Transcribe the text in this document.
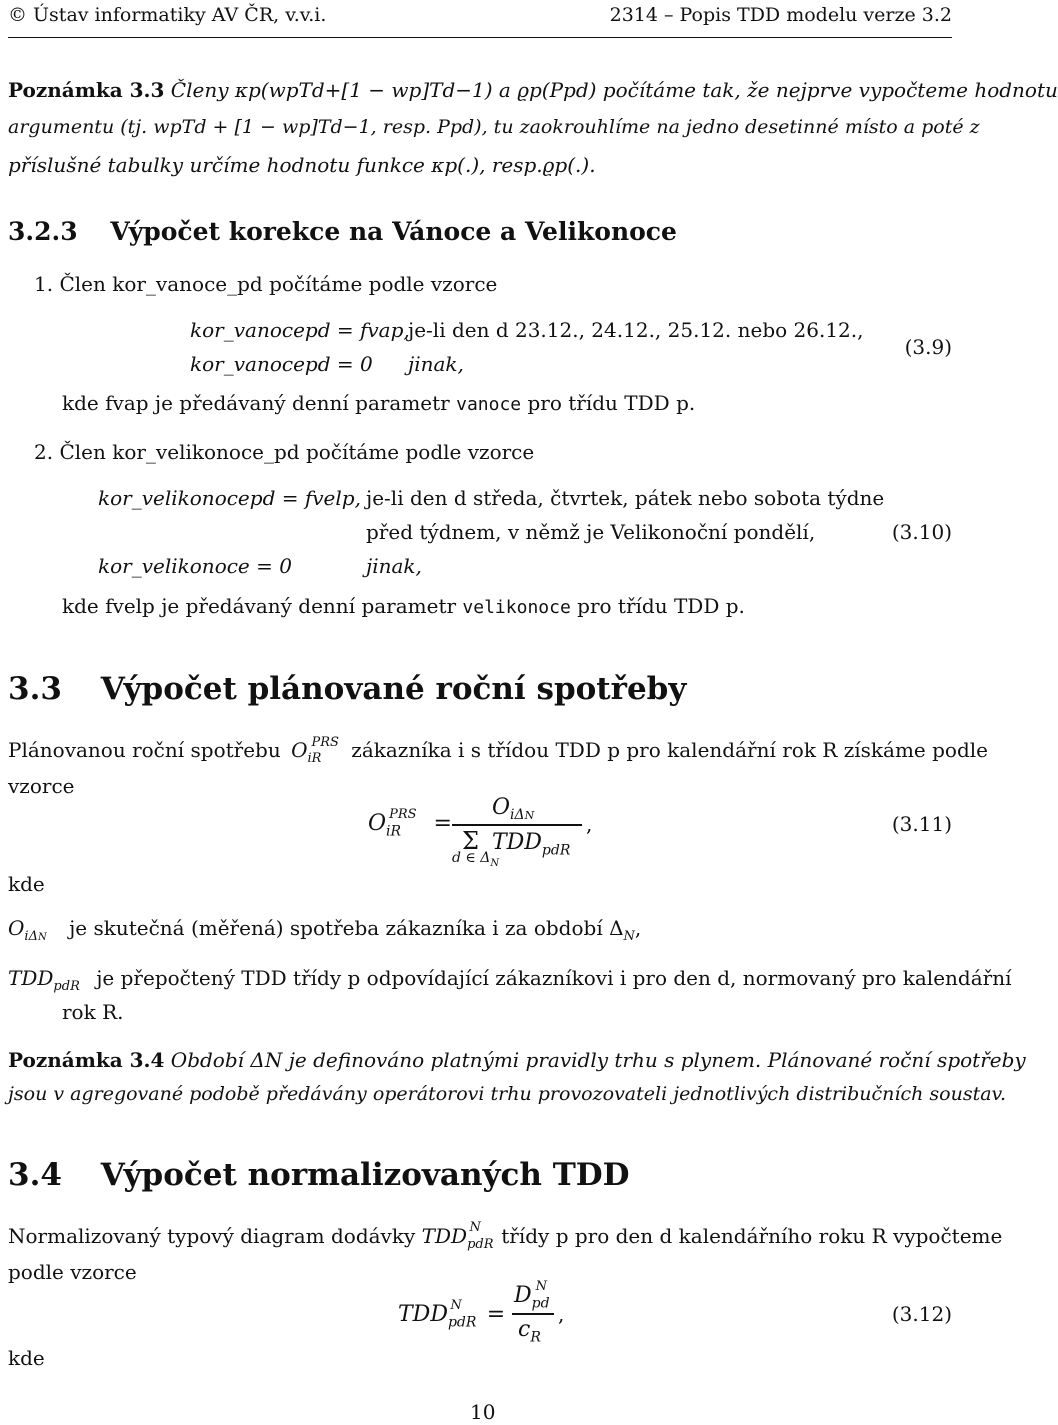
© Ústav informatiky AV ČR, v.v.i.	2314 – Popis TDD modelu verze 3.2
Poznámka 3.3 Členy κp(wpTd+[1 − wp]Td−1) a ϱp(Ppd) počítáme tak, že nejprve vypočteme hodnotu
argumentu (tj. wpTd + [1 − wp]Td−1, resp. Ppd), tu zaokrouhlíme na jedno desetinné místo a poté z
příslušné tabulky určíme hodnotu funkce κp(.), resp.ϱp(.).
3.2.3 Výpočet korekce na Vánoce a Velikonoce
1. Člen kor_vanoce_pd počítáme podle vzorce
kor_vanocepd = fvap,
je-li den d 23.12., 24.12., 25.12. nebo 26.12.,
kor_vanocepd = 0 jinak,
(3.9)
kde fvap je předávaný denní parametr vanoce pro třídu TDD p.
2. Člen kor_velikonoce_pd počítáme podle vzorce
kor_velikonocepd = fvelp, je-li den d středa, čtvrtek, pátek nebo sobota týdne
před týdnem, v němž je Velikonoční pondělí,
kor_velikonoce = 0	jinak,
(3.10)
kde fvelp je předávaný denní parametr velikonoce pro třídu TDD p.
3.3 Výpočet plánované roční spotřeby
Plánovanou roční spotřebu $O_{iR}^{PRS}$ zákazníka i s třídou TDD p pro kalendářní rok R získáme podle
vzorce
$O_{iR}^{PRS}$ =
$O_{i\Delta N}$
Σ $TDD_{pdR}$
d ∈ $\Delta_N$
,	(3.11)
kde
$O_{i\Delta N}$ je skutečná (měřená) spotřeba zákazníka i za období $\Delta_N$,
$TDD_{pdR}$ je přepočtený TDD třídy p odpovídající zákazníkovi i pro den d, normovaný pro kalendářní
rok R.
Poznámka 3.4 Období ΔN je definováno platnými pravidly trhu s plynem. Plánované roční spotřeby
jsou v agregované podobě předávány operátorovi trhu provozovateli jednotlivých distribučních soustav.
3.4 Výpočet normalizovaných TDD
Normalizovaný typový diagram dodávky $TDD_{pdR}^N$ třídy p pro den d kalendářního roku R vypočteme
podle vzorce
$TDD_{pdR}^N$ =
$D_{pd}^N$
$c_R$
,	(3.12)
kde
10
